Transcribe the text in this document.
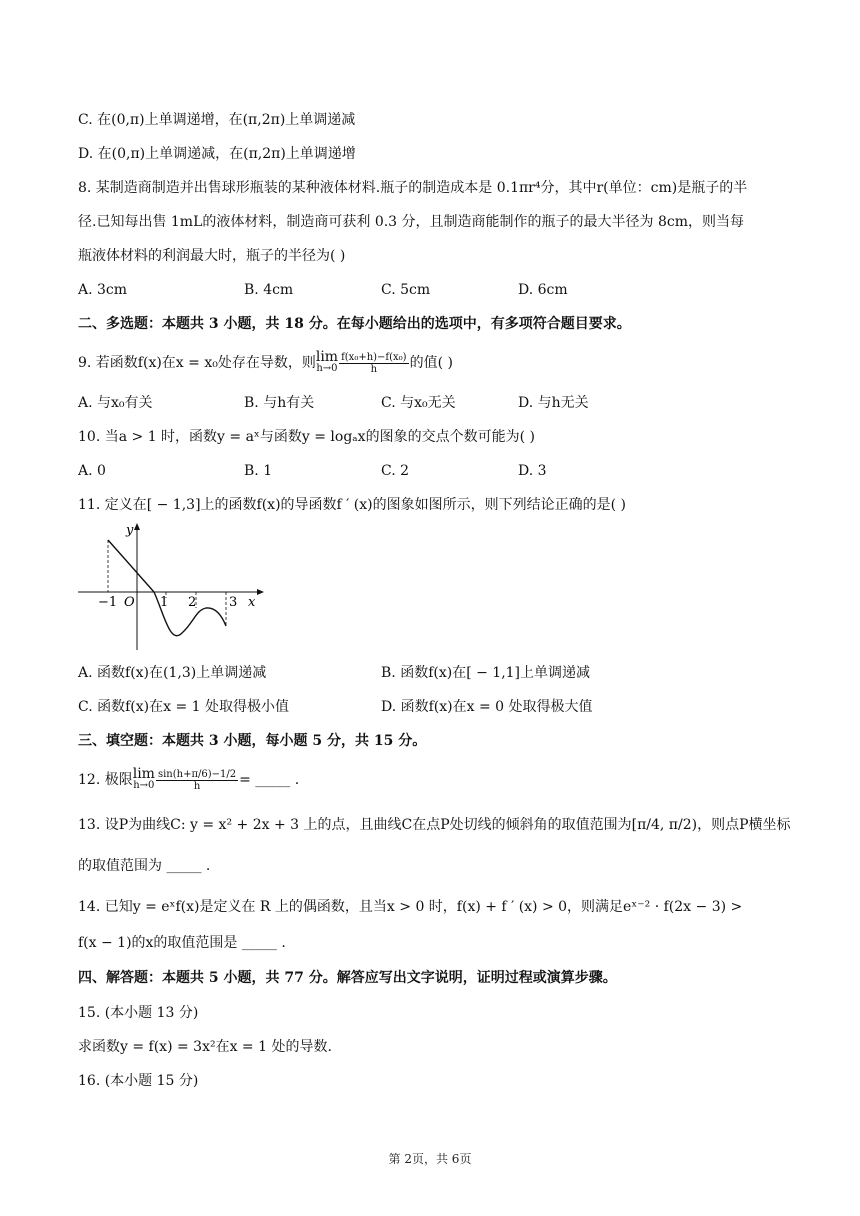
C. 在(0,π)上单调递增，在(π,2π)上单调递减
D. 在(0,π)上单调递减，在(π,2π)上单调递增
8. 某制造商制造并出售球形瓶装的某种液体材料.瓶子的制造成本是 0.1πr⁴分，其中r(单位：cm)是瓶子的半
径.已知每出售 1mL的液体材料，制造商可获利 0.3 分，且制造商能制作的瓶子的最大半径为 8cm，则当每
瓶液体材料的利润最大时，瓶子的半径为( )
A. 3cm	B. 4cm	C. 5cm	D. 6cm
二、多选题：本题共 3 小题，共 18 分。在每小题给出的选项中，有多项符合题目要求。
9. 若函数f(x)在x = x₀处存在导数，则lim
$h\to 0 \frac{\text{f(x₀+h)−f(x₀)}}{h}$ 的值( )
A. 与x₀有关	B. 与h有关	C. 与x₀无关	D. 与h无关
10. 当a > 1 时，函数y = aˣ与函数y = logₐx的图象的交点个数可能为( )
A. 0	B. 1	C. 2	D. 3
11. 定义在[ − 1,3]上的函数f(x)的导函数f ′ (x)的图象如图所示，则下列结论正确的是( )
y
x
O
−1	1 2	3
A. 函数f(x)在(1,3)上单调递减	B. 函数f(x)在[ − 1,1]上单调递减
C. 函数f(x)在x = 1 处取得极小值	D. 函数f(x)在x = 0 处取得极大值
三、填空题：本题共 3 小题，每小题 5 分，共 15 分。
12. 极限lim
$h\to 0 \frac{\sin(h+\pi/6)-1/2}{h}$ = _____ .
13. 设P为曲线C: y = x² + 2x + 3 上的点，且曲线C在点P处切线的倾斜角的取值范围为[π/4, π/2)，则点P横坐标
的取值范围为 _____ .
14. 已知y = eˣf(x)是定义在 R 上的偶函数，且当x > 0 时，f(x) + f ′ (x) > 0，则满足eˣ⁻² · f(2x − 3) >
f(x − 1)的x的取值范围是 _____ .
四、解答题：本题共 5 小题，共 77 分。解答应写出文字说明，证明过程或演算步骤。
15. (本小题 13 分)
求函数y = f(x) = 3x²在x = 1 处的导数.
16. (本小题 15 分)
第 2页，共 6页
